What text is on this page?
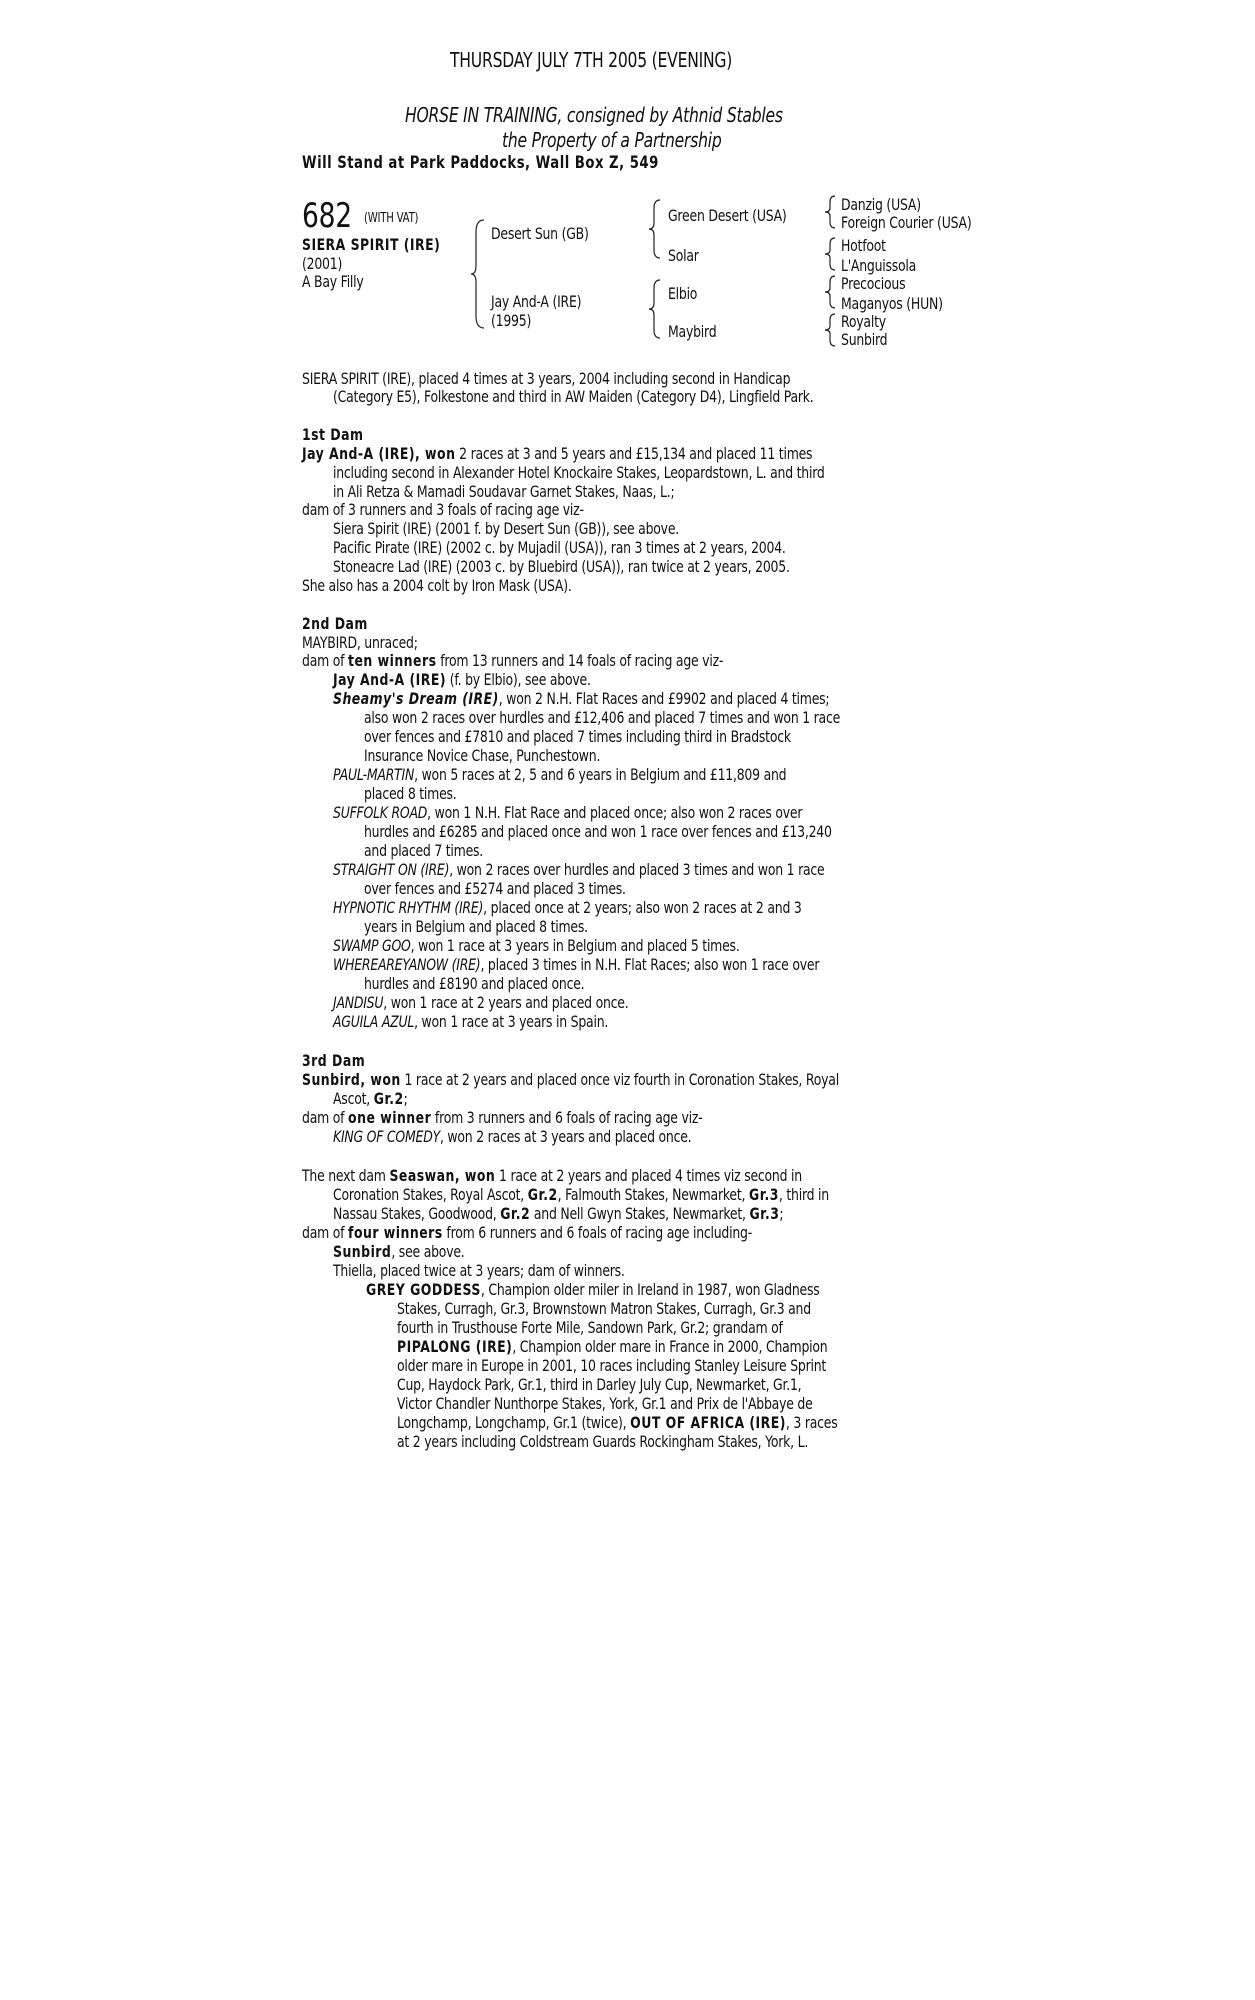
THURSDAY JULY 7TH 2005 (EVENING)
HORSE IN TRAINING, consigned by Athnid Stables
the Property of a Partnership
Will Stand at Park Paddocks, Wall Box Z, 549
682 (WITH VAT)
SIERA SPIRIT (IRE)
(2001)
A Bay Filly
Desert Sun (GB)
Jay And-A (IRE)
(1995)
Green Desert (USA)
Solar
Elbio
Maybird
Danzig (USA)
Foreign Courier (USA)
Hotfoot
L'Anguissola
Precocious
Maganyos (HUN)
Royalty
Sunbird
SIERA SPIRIT (IRE), placed 4 times at 3 years, 2004 including second in Handicap
(Category E5), Folkestone and third in AW Maiden (Category D4), Lingfield Park.
1st Dam
Jay And-A (IRE), won 2 races at 3 and 5 years and £15,134 and placed 11 times
including second in Alexander Hotel Knockaire Stakes, Leopardstown, L. and third
in Ali Retza & Mamadi Soudavar Garnet Stakes, Naas, L.;
dam of 3 runners and 3 foals of racing age viz-
Siera Spirit (IRE) (2001 f. by Desert Sun (GB)), see above.
Pacific Pirate (IRE) (2002 c. by Mujadil (USA)), ran 3 times at 2 years, 2004.
Stoneacre Lad (IRE) (2003 c. by Bluebird (USA)), ran twice at 2 years, 2005.
She also has a 2004 colt by Iron Mask (USA).
2nd Dam
MAYBIRD, unraced;
dam of ten winners from 13 runners and 14 foals of racing age viz-
Jay And-A (IRE) (f. by Elbio), see above.
Sheamy's Dream (IRE), won 2 N.H. Flat Races and £9902 and placed 4 times;
also won 2 races over hurdles and £12,406 and placed 7 times and won 1 race
over fences and £7810 and placed 7 times including third in Bradstock
Insurance Novice Chase, Punchestown.
PAUL-MARTIN, won 5 races at 2, 5 and 6 years in Belgium and £11,809 and
placed 8 times.
SUFFOLK ROAD, won 1 N.H. Flat Race and placed once; also won 2 races over
hurdles and £6285 and placed once and won 1 race over fences and £13,240
and placed 7 times.
STRAIGHT ON (IRE), won 2 races over hurdles and placed 3 times and won 1 race
over fences and £5274 and placed 3 times.
HYPNOTIC RHYTHM (IRE), placed once at 2 years; also won 2 races at 2 and 3
years in Belgium and placed 8 times.
SWAMP GOO, won 1 race at 3 years in Belgium and placed 5 times.
WHEREAREYANOW (IRE), placed 3 times in N.H. Flat Races; also won 1 race over
hurdles and £8190 and placed once.
JANDISU, won 1 race at 2 years and placed once.
AGUILA AZUL, won 1 race at 3 years in Spain.
3rd Dam
Sunbird, won 1 race at 2 years and placed once viz fourth in Coronation Stakes, Royal
Ascot, Gr.2;
dam of one winner from 3 runners and 6 foals of racing age viz-
KING OF COMEDY, won 2 races at 3 years and placed once.
The next dam Seaswan, won 1 race at 2 years and placed 4 times viz second in
Coronation Stakes, Royal Ascot, Gr.2, Falmouth Stakes, Newmarket, Gr.3, third in
Nassau Stakes, Goodwood, Gr.2 and Nell Gwyn Stakes, Newmarket, Gr.3;
dam of four winners from 6 runners and 6 foals of racing age including-
Sunbird, see above.
Thiella, placed twice at 3 years; dam of winners.
GREY GODDESS, Champion older miler in Ireland in 1987, won Gladness
Stakes, Curragh, Gr.3, Brownstown Matron Stakes, Curragh, Gr.3 and
fourth in Trusthouse Forte Mile, Sandown Park, Gr.2; grandam of
PIPALONG (IRE), Champion older mare in France in 2000, Champion
older mare in Europe in 2001, 10 races including Stanley Leisure Sprint
Cup, Haydock Park, Gr.1, third in Darley July Cup, Newmarket, Gr.1,
Victor Chandler Nunthorpe Stakes, York, Gr.1 and Prix de l'Abbaye de
Longchamp, Longchamp, Gr.1 (twice), OUT OF AFRICA (IRE), 3 races
at 2 years including Coldstream Guards Rockingham Stakes, York, L.
